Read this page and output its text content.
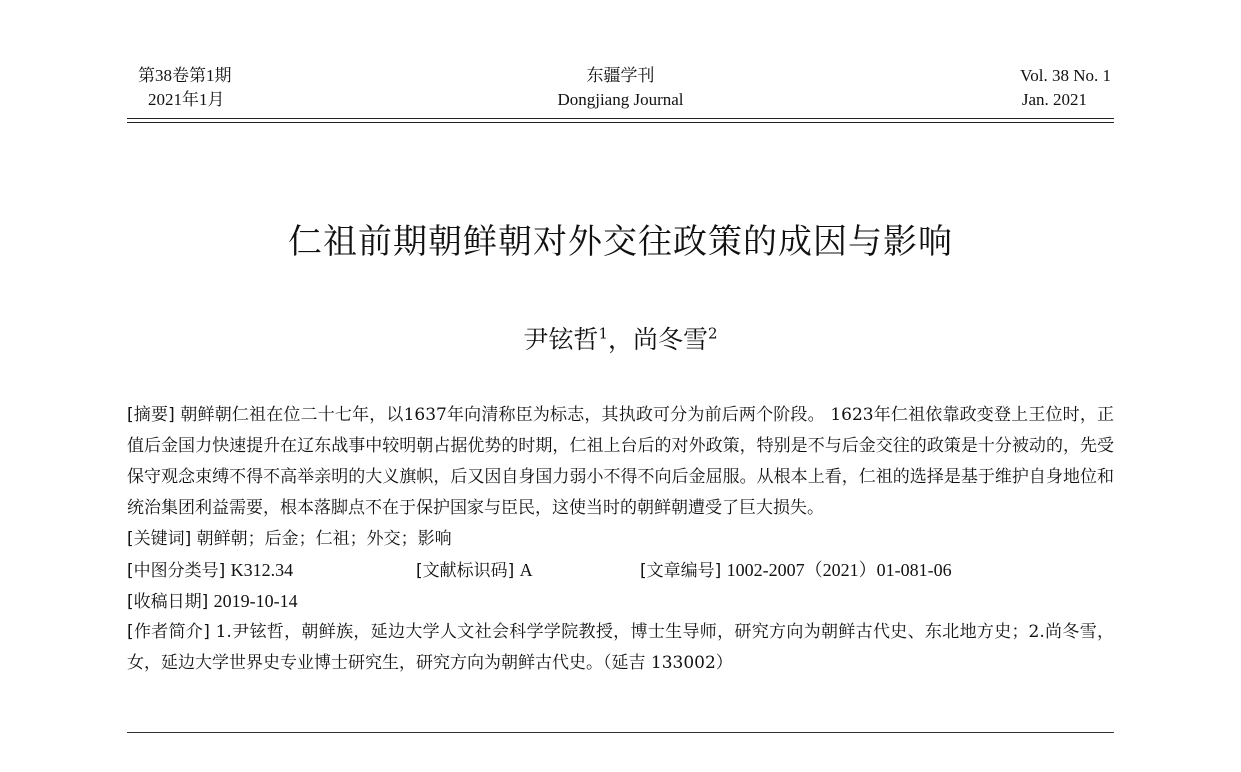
第38卷第1期
2021年1月
东疆学刊
Dongjiang Journal
Vol. 38 No. 1
Jan. 2021
仁祖前期朝鲜朝对外交往政策的成因与影响
尹铉哲$^1$，尚冬雪$^2$
[摘要] 朝鲜朝仁祖在位二十七年，以1637年向清称臣为标志，其执政可分为前后两个阶段。 1623年仁祖依靠政变登上王位时，正值后金国力快速提升在辽东战事中较明朝占据优势的时期，仁祖上台后的对外政策，特别是不与后金交往的政策是十分被动的，先受保守观念束缚不得不高举亲明的大义旗帜，后又因自身国力弱小不得不向后金屈服。从根本上看，仁祖的选择是基于维护自身地位和统治集团利益需要，根本落脚点不在于保护国家与臣民，这使当时的朝鲜朝遭受了巨大损失。
[关键词] 朝鲜朝；后金；仁祖；外交；影响
[中图分类号] K312.34	[文献标识码] A	[文章编号] 1002-2007（2021）01-081-06
[收稿日期] 2019-10-14
[作者简介] 1.尹铉哲，朝鲜族，延边大学人文社会科学学院教授，博士生导师，研究方向为朝鲜古代史、东北地方史；2.尚冬雪，女，延边大学世界史专业博士研究生，研究方向为朝鲜古代史。（延吉 133002）
